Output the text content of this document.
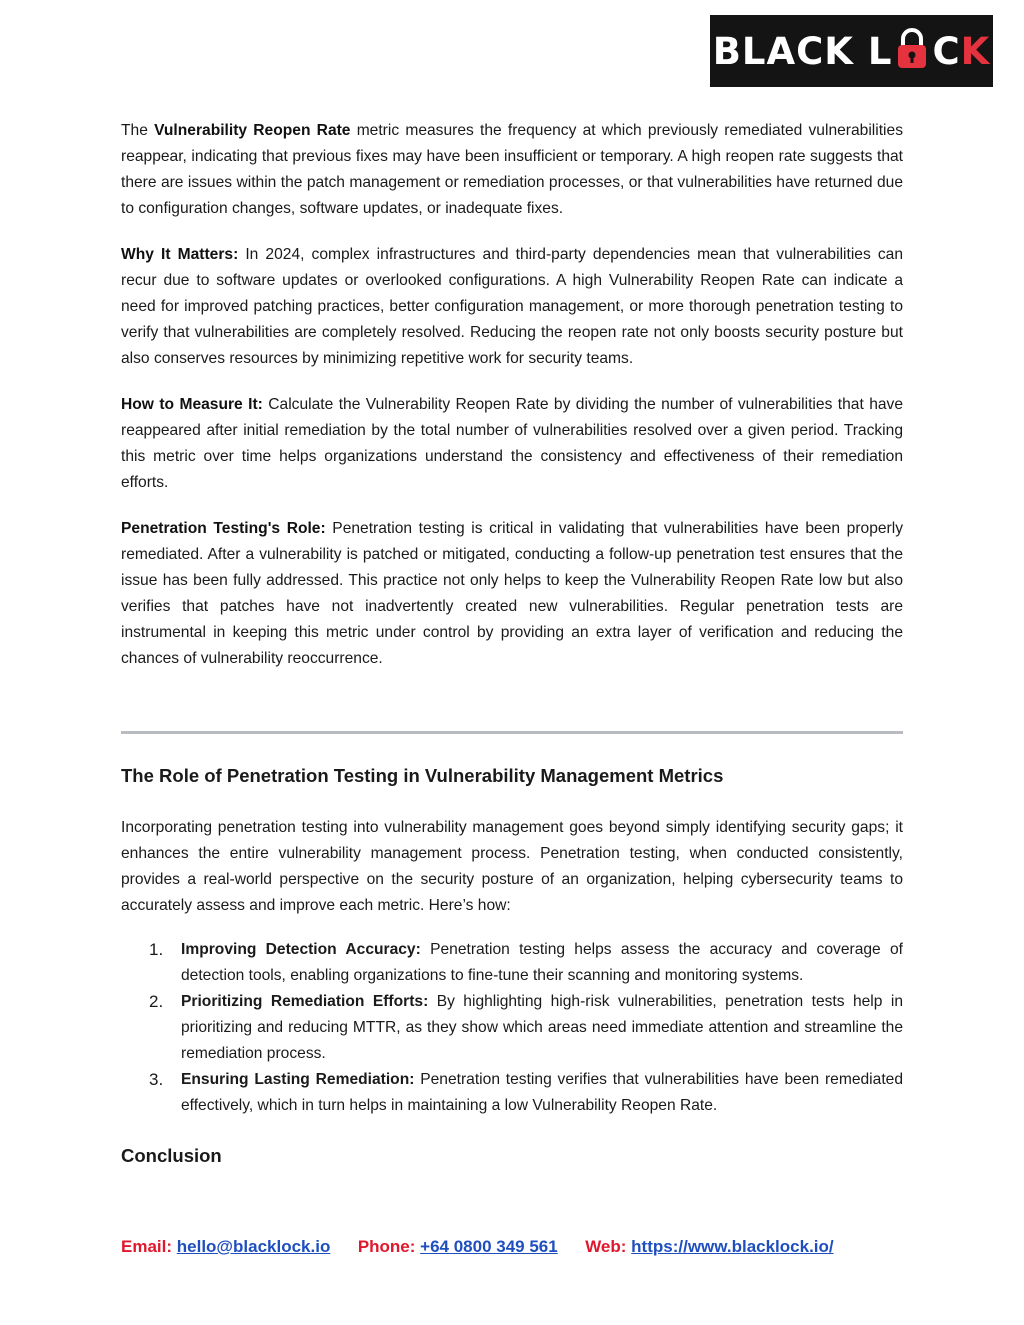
BLACK L C K

The Vulnerability Reopen Rate metric measures the frequency at which previously remediated vulnerabilities reappear, indicating that previous fixes may have been insufficient or temporary. A high reopen rate suggests that there are issues within the patch management or remediation processes, or that vulnerabilities have returned due to configuration changes, software updates, or inadequate fixes.

Why It Matters: In 2024, complex infrastructures and third-party dependencies mean that vulnerabilities can recur due to software updates or overlooked configurations. A high Vulnerability Reopen Rate can indicate a need for improved patching practices, better configuration management, or more thorough penetration testing to verify that vulnerabilities are completely resolved. Reducing the reopen rate not only boosts security posture but also conserves resources by minimizing repetitive work for security teams.

How to Measure It: Calculate the Vulnerability Reopen Rate by dividing the number of vulnerabilities that have reappeared after initial remediation by the total number of vulnerabilities resolved over a given period. Tracking this metric over time helps organizations understand the consistency and effectiveness of their remediation efforts.

Penetration Testing's Role: Penetration testing is critical in validating that vulnerabilities have been properly remediated. After a vulnerability is patched or mitigated, conducting a follow-up penetration test ensures that the issue has been fully addressed. This practice not only helps to keep the Vulnerability Reopen Rate low but also verifies that patches have not inadvertently created new vulnerabilities. Regular penetration tests are instrumental in keeping this metric under control by providing an extra layer of verification and reducing the chances of vulnerability reoccurrence.

The Role of Penetration Testing in Vulnerability Management Metrics

Incorporating penetration testing into vulnerability management goes beyond simply identifying security gaps; it enhances the entire vulnerability management process. Penetration testing, when conducted consistently, provides a real-world perspective on the security posture of an organization, helping cybersecurity teams to accurately assess and improve each metric. Here’s how:

1. Improving Detection Accuracy: Penetration testing helps assess the accuracy and coverage of detection tools, enabling organizations to fine-tune their scanning and monitoring systems.
2. Prioritizing Remediation Efforts: By highlighting high-risk vulnerabilities, penetration tests help in prioritizing and reducing MTTR, as they show which areas need immediate attention and streamline the remediation process.
3. Ensuring Lasting Remediation: Penetration testing verifies that vulnerabilities have been remediated effectively, which in turn helps in maintaining a low Vulnerability Reopen Rate.
Conclusion
Email: hello@blacklock.io Phone: +64 0800 349 561 Web: https://www.blacklock.io/
